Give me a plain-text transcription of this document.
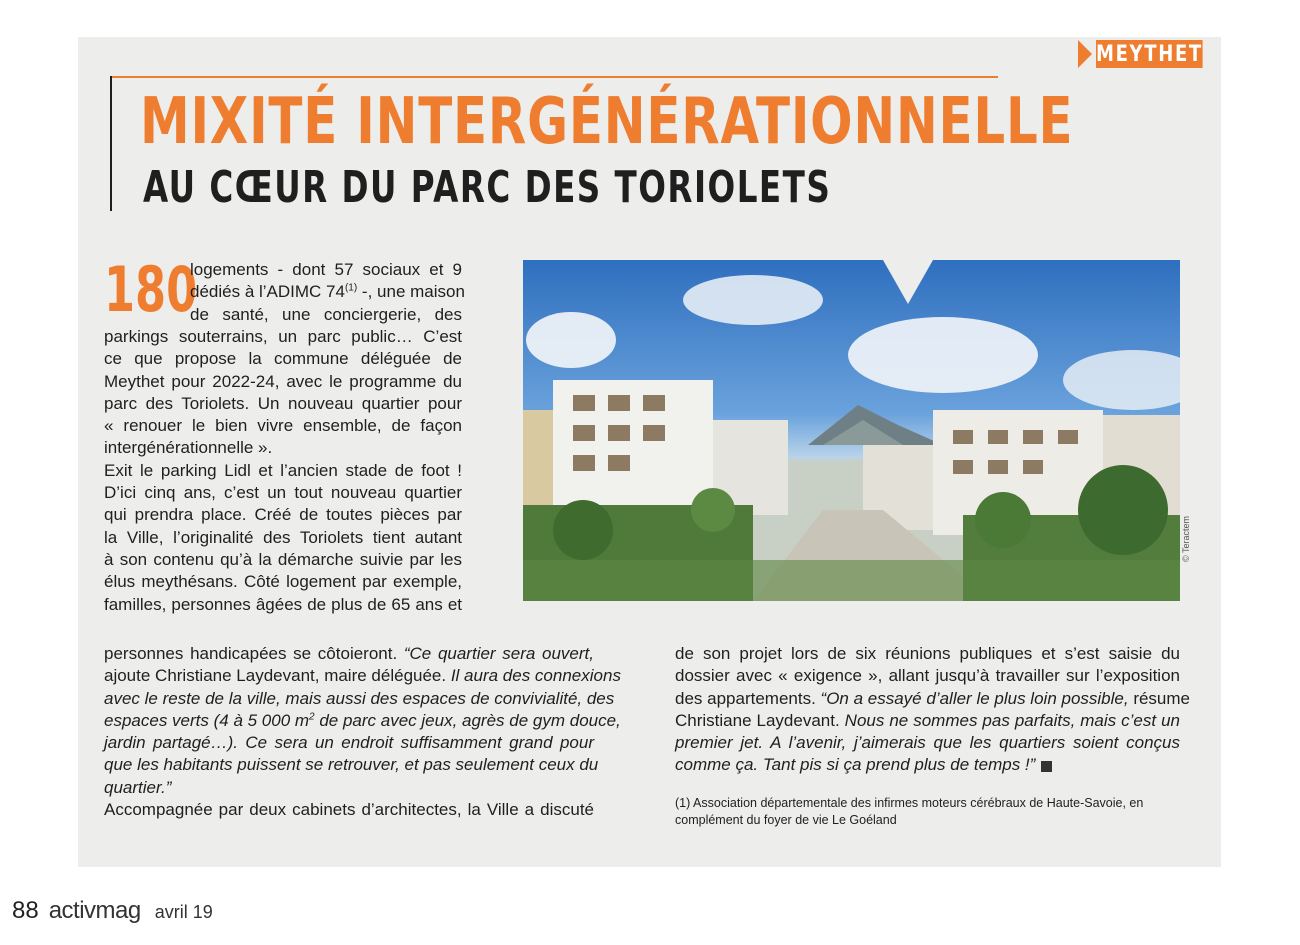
MEYTHET
MIXITÉ INTERGÉNÉRATIONNELLE
AU CŒUR DU PARC DES TORIOLETS
180
logements - dont 57 sociaux et 9
dédiés à l’ADIMC 74$^{(1)}$ -, une maison
de santé, une conciergerie, des
parkings souterrains, un parc public… C’est
ce que propose la commune déléguée de
Meythet pour 2022-24, avec le programme du
parc des Toriolets. Un nouveau quartier pour
« renouer le bien vivre ensemble, de façon
intergénérationnelle ».
Exit le parking Lidl et l’ancien stade de foot !
D’ici cinq ans, c’est un tout nouveau quartier
qui prendra place. Créé de toutes pièces par
la Ville, l’originalité des Toriolets tient autant
à son contenu qu’à la démarche suivie par les
élus meythésans. Côté logement par exemple,
familles, personnes âgées de plus de 65 ans et
personnes handicapées se côtoieront. “Ce quartier sera ouvert,
ajoute Christiane Laydevant, maire déléguée. Il aura des connexions
avec le reste de la ville, mais aussi des espaces de convivialité, des
espaces verts (4 à 5 000 $m^2$ de parc avec jeux, agrès de gym douce,
jardin partagé…). Ce sera un endroit suffisamment grand pour
que les habitants puissent se retrouver, et pas seulement ceux du
quartier.”
Accompagnée par deux cabinets d’architectes, la Ville a discuté
de son projet lors de six réunions publiques et s’est saisie du
dossier avec « exigence », allant jusqu’à travailler sur l’exposition
des appartements. “On a essayé d’aller le plus loin possible, résume
Christiane Laydevant. Nous ne sommes pas parfaits, mais c’est un
premier jet. A l’avenir, j’aimerais que les quartiers soient conçus
comme ça. Tant pis si ça prend plus de temps !”
(1) Association départementale des infirmes moteurs cérébraux de Haute-Savoie, en
complément du foyer de vie Le Goéland
© Teractem
88 activmag avril 19
